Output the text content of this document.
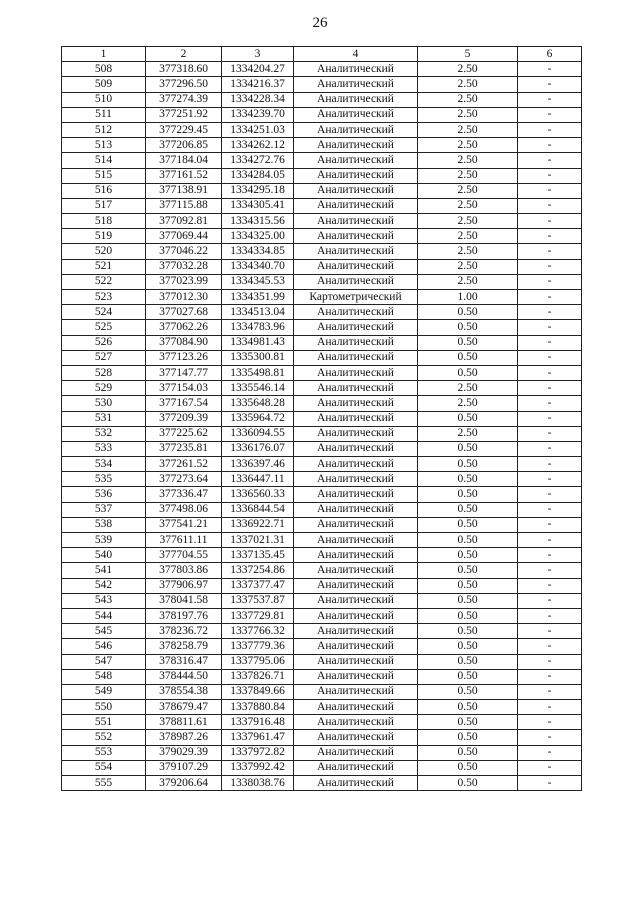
26
1	2	3	4	5	6
508	377318.60	1334204.27	Аналитический	2.50	-
509	377296.50	1334216.37	Аналитический	2.50	-
510	377274.39	1334228.34	Аналитический	2.50	-
511	377251.92	1334239.70	Аналитический	2.50	-
512	377229.45	1334251.03	Аналитический	2.50	-
513	377206.85	1334262.12	Аналитический	2.50	-
514	377184.04	1334272.76	Аналитический	2.50	-
515	377161.52	1334284.05	Аналитический	2.50	-
516	377138.91	1334295.18	Аналитический	2.50	-
517	377115.88	1334305.41	Аналитический	2.50	-
518	377092.81	1334315.56	Аналитический	2.50	-
519	377069.44	1334325.00	Аналитический	2.50	-
520	377046.22	1334334.85	Аналитический	2.50	-
521	377032.28	1334340.70	Аналитический	2.50	-
522	377023.99	1334345.53	Аналитический	2.50	-
523	377012.30	1334351.99	Картометрический	1.00	-
524	377027.68	1334513.04	Аналитический	0.50	-
525	377062.26	1334783.96	Аналитический	0.50	-
526	377084.90	1334981.43	Аналитический	0.50	-
527	377123.26	1335300.81	Аналитический	0.50	-
528	377147.77	1335498.81	Аналитический	0.50	-
529	377154.03	1335546.14	Аналитический	2.50	-
530	377167.54	1335648.28	Аналитический	2.50	-
531	377209.39	1335964.72	Аналитический	0.50	-
532	377225.62	1336094.55	Аналитический	2.50	-
533	377235.81	1336176.07	Аналитический	0.50	-
534	377261.52	1336397.46	Аналитический	0.50	-
535	377273.64	1336447.11	Аналитический	0.50	-
536	377336.47	1336560.33	Аналитический	0.50	-
537	377498.06	1336844.54	Аналитический	0.50	-
538	377541.21	1336922.71	Аналитический	0.50	-
539	377611.11	1337021.31	Аналитический	0.50	-
540	377704.55	1337135.45	Аналитический	0.50	-
541	377803.86	1337254.86	Аналитический	0.50	-
542	377906.97	1337377.47	Аналитический	0.50	-
543	378041.58	1337537.87	Аналитический	0.50	-
544	378197.76	1337729.81	Аналитический	0.50	-
545	378236.72	1337766.32	Аналитический	0.50	-
546	378258.79	1337779.36	Аналитический	0.50	-
547	378316.47	1337795.06	Аналитический	0.50	-
548	378444.50	1337826.71	Аналитический	0.50	-
549	378554.38	1337849.66	Аналитический	0.50	-
550	378679.47	1337880.84	Аналитический	0.50	-
551	378811.61	1337916.48	Аналитический	0.50	-
552	378987.26	1337961.47	Аналитический	0.50	-
553	379029.39	1337972.82	Аналитический	0.50	-
554	379107.29	1337992.42	Аналитический	0.50	-
555	379206.64	1338038.76	Аналитический	0.50	-
